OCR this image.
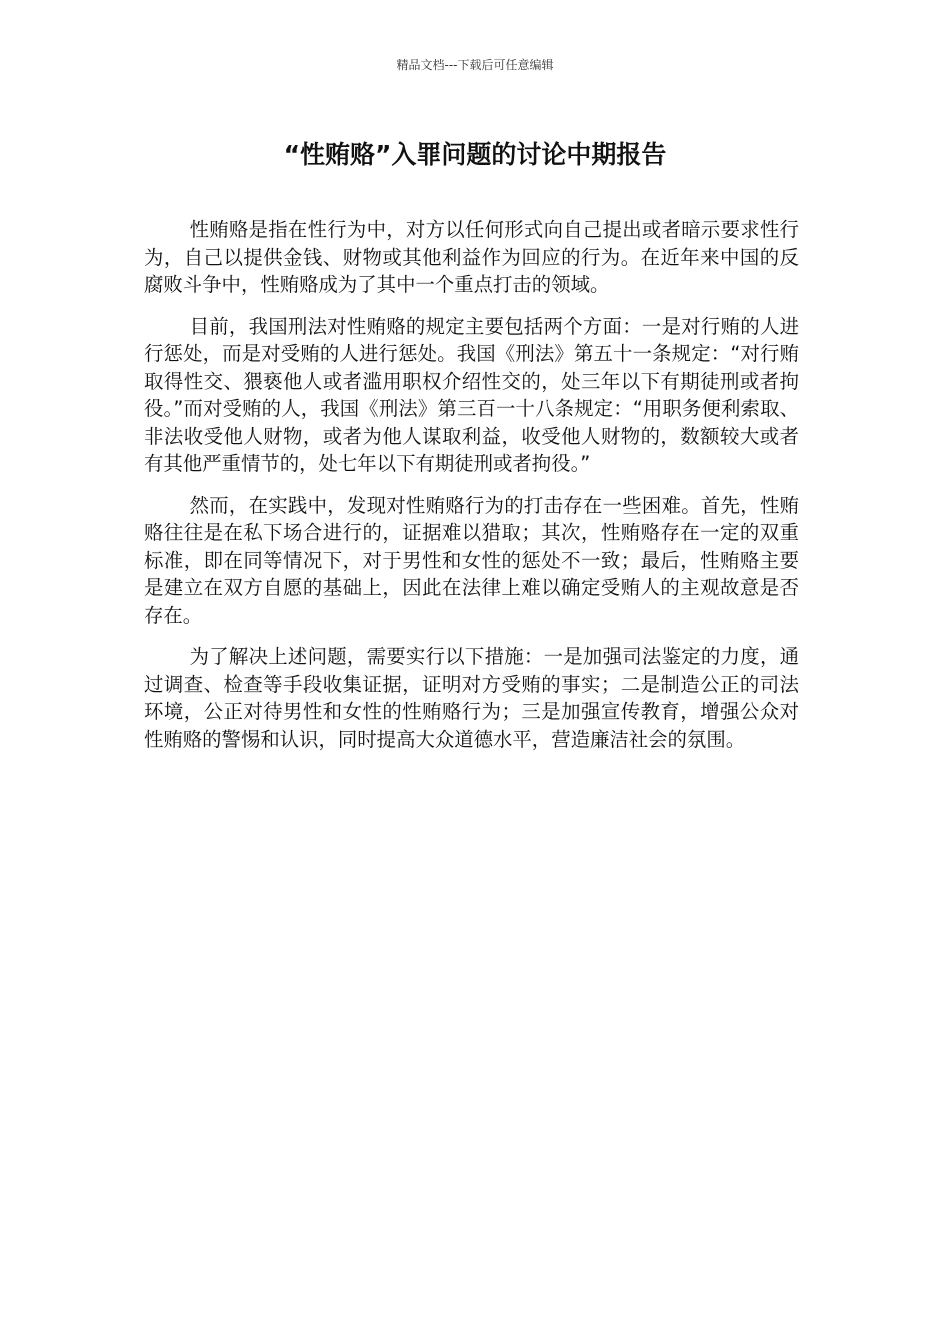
精品文档---下载后可任意编辑
“性贿赂”入罪问题的讨论中期报告

性贿赂是指在性行为中，对方以任何形式向自己提出或者暗示要求性行为，自己以提供金钱、财物或其他利益作为回应的行为。在近年来中国的反腐败斗争中，性贿赂成为了其中一个重点打击的领域。

目前，我国刑法对性贿赂的规定主要包括两个方面：一是对行贿的人进行惩处，而是对受贿的人进行惩处。我国《刑法》第五十一条规定：“对行贿取得性交、猥亵他人或者滥用职权介绍性交的，处三年以下有期徒刑或者拘役。”而对受贿的人，我国《刑法》第三百一十八条规定：“用职务便利索取、非法收受他人财物，或者为他人谋取利益，收受他人财物的，数额较大或者有其他严重情节的，处七年以下有期徒刑或者拘役。”

然而，在实践中，发现对性贿赂行为的打击存在一些困难。首先，性贿赂往往是在私下场合进行的，证据难以猎取；其次，性贿赂存在一定的双重标准，即在同等情况下，对于男性和女性的惩处不一致；最后，性贿赂主要是建立在双方自愿的基础上，因此在法律上难以确定受贿人的主观故意是否存在。

为了解决上述问题，需要实行以下措施：一是加强司法鉴定的力度，通过调查、检查等手段收集证据，证明对方受贿的事实；二是制造公正的司法环境，公正对待男性和女性的性贿赂行为；三是加强宣传教育，增强公众对性贿赂的警惕和认识，同时提高大众道德水平，营造廉洁社会的氛围。
